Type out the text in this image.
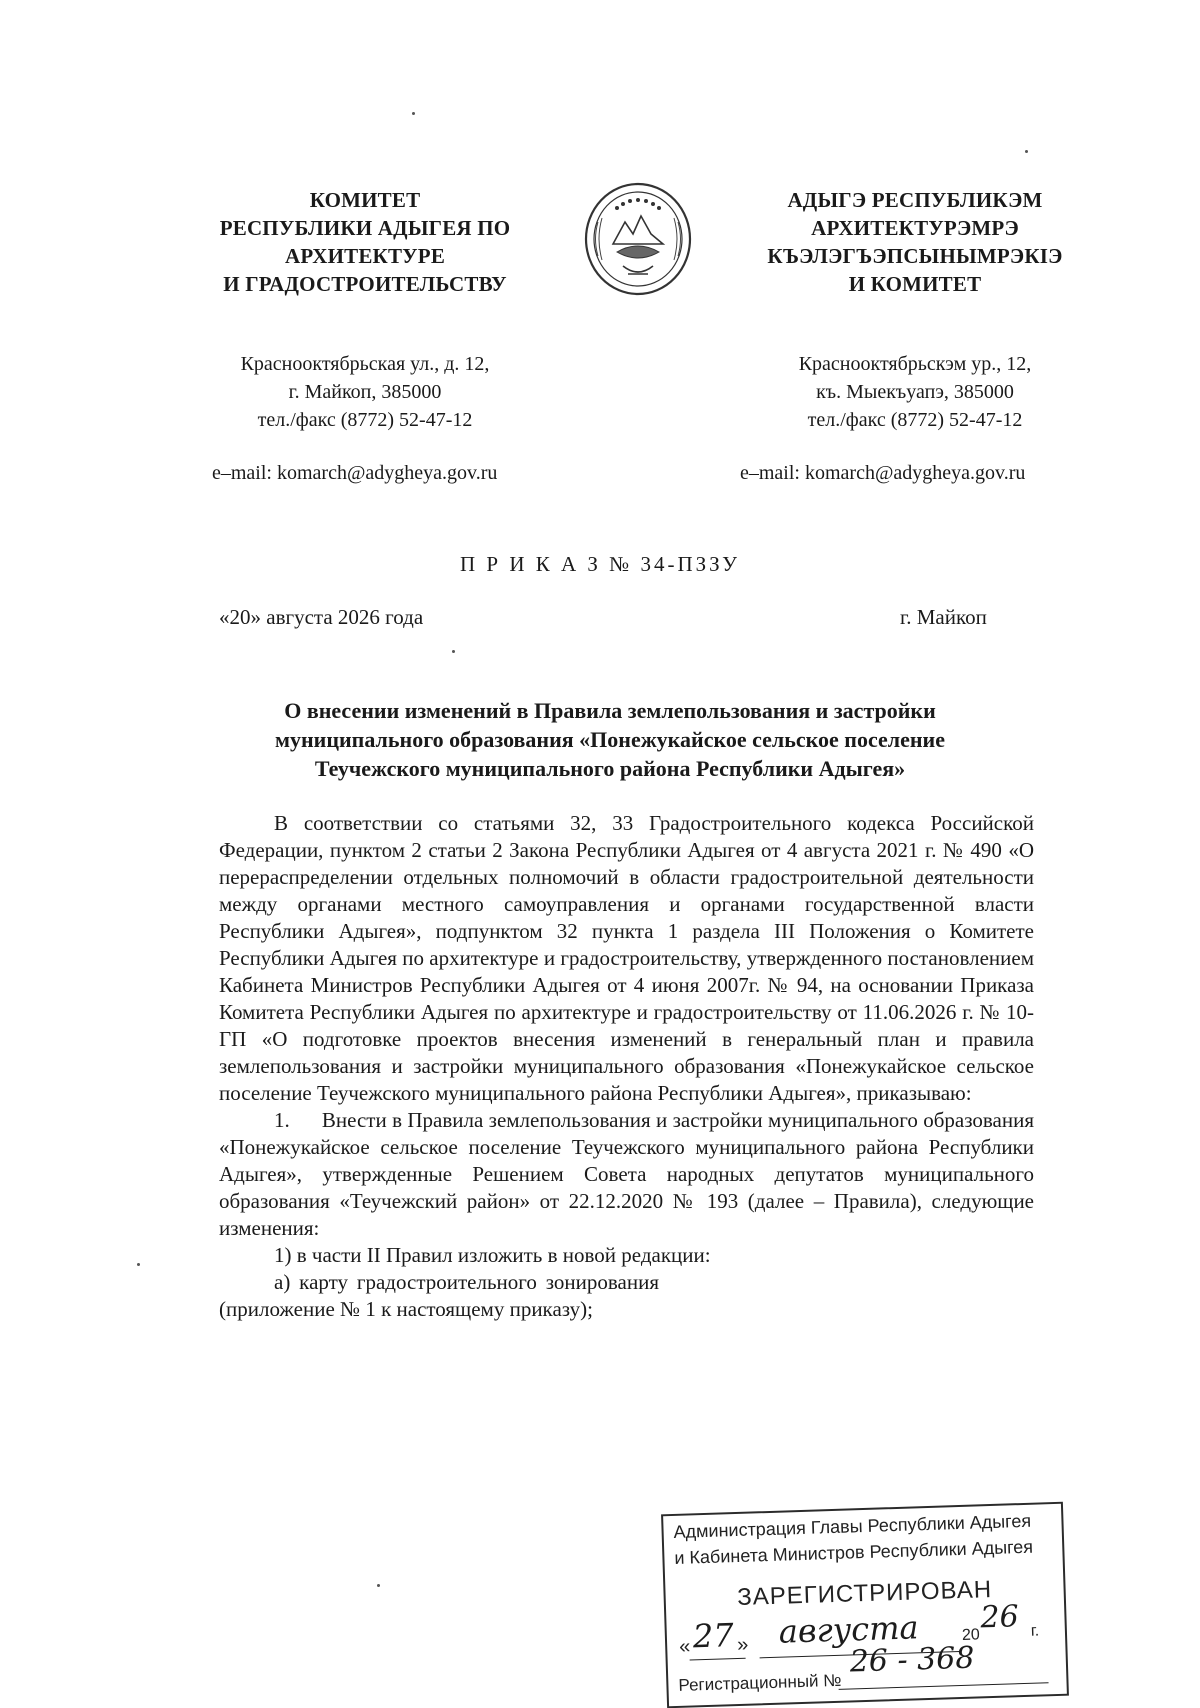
КОМИТЕТ
РЕСПУБЛИКИ АДЫГЕЯ ПО
АРХИТЕКТУРЕ
И ГРАДОСТРОИТЕЛЬСТВУ
АДЫГЭ РЕСПУБЛИКЭМ
АРХИТЕКТУРЭМРЭ
КЪЭЛЭГЪЭПСЫНЫМРЭКIЭ
И КОМИТЕТ
Краснооктябрьская ул., д. 12,
г. Майкоп, 385000
тел./факс (8772) 52-47-12
Краснооктябрьскэм ур., 12,
къ. Мыекъуапэ, 385000
тел./факс (8772) 52-47-12
e–mail: komarch@adygheya.gov.ru	e–mail: komarch@adygheya.gov.ru
П Р И К А З № 34-ПЗЗУ
«20» августа 2026 года	г. Майкоп
О внесении изменений в Правила землепользования и застройки
муниципального образования «Понежукайское сельское поселение
Теучежского муниципального района Республики Адыгея»

В соответствии со статьями 32, 33 Градостроительного кодекса Российской Федерации, пунктом 2 статьи 2 Закона Республики Адыгея от 4 августа 2021 г. № 490 «О перераспределении отдельных полномочий в области градостроительной деятельности между органами местного самоуправления и органами государственной власти Республики Адыгея», подпунктом 32 пункта 1 раздела III Положения о Комитете Республики Адыгея по архитектуре и градостроительству, утвержденного постановлением Кабинета Министров Республики Адыгея от 4 июня 2007г. № 94, на основании Приказа Комитета Республики Адыгея по архитектуре и градостроительству от 11.06.2026 г. № 10-ГП «О подготовке проектов внесения изменений в генеральный план и правила землепользования и застройки муниципального образования «Понежукайское сельское поселение Теучежского муниципального района Республики Адыгея», приказываю:

1.      Внести в Правила землепользования и застройки муниципального образования «Понежукайское сельское поселение Теучежского муниципального района Республики Адыгея», утвержденные Решением Совета народных депутатов муниципального образования «Теучежский район» от 22.12.2020 № 193 (далее – Правила), следующие изменения:

1) в части II Правил изложить в новой редакции:

а) карту градостроительного зонирования (приложение № 1 к настоящему приказу);

Администрация Главы Республики Адыгея
и Кабинета Министров Республики Адыгея
ЗАРЕГИСТРИРОВАН
« 27 » августа	20 26 г.
Регистрационный №
26 - 368
